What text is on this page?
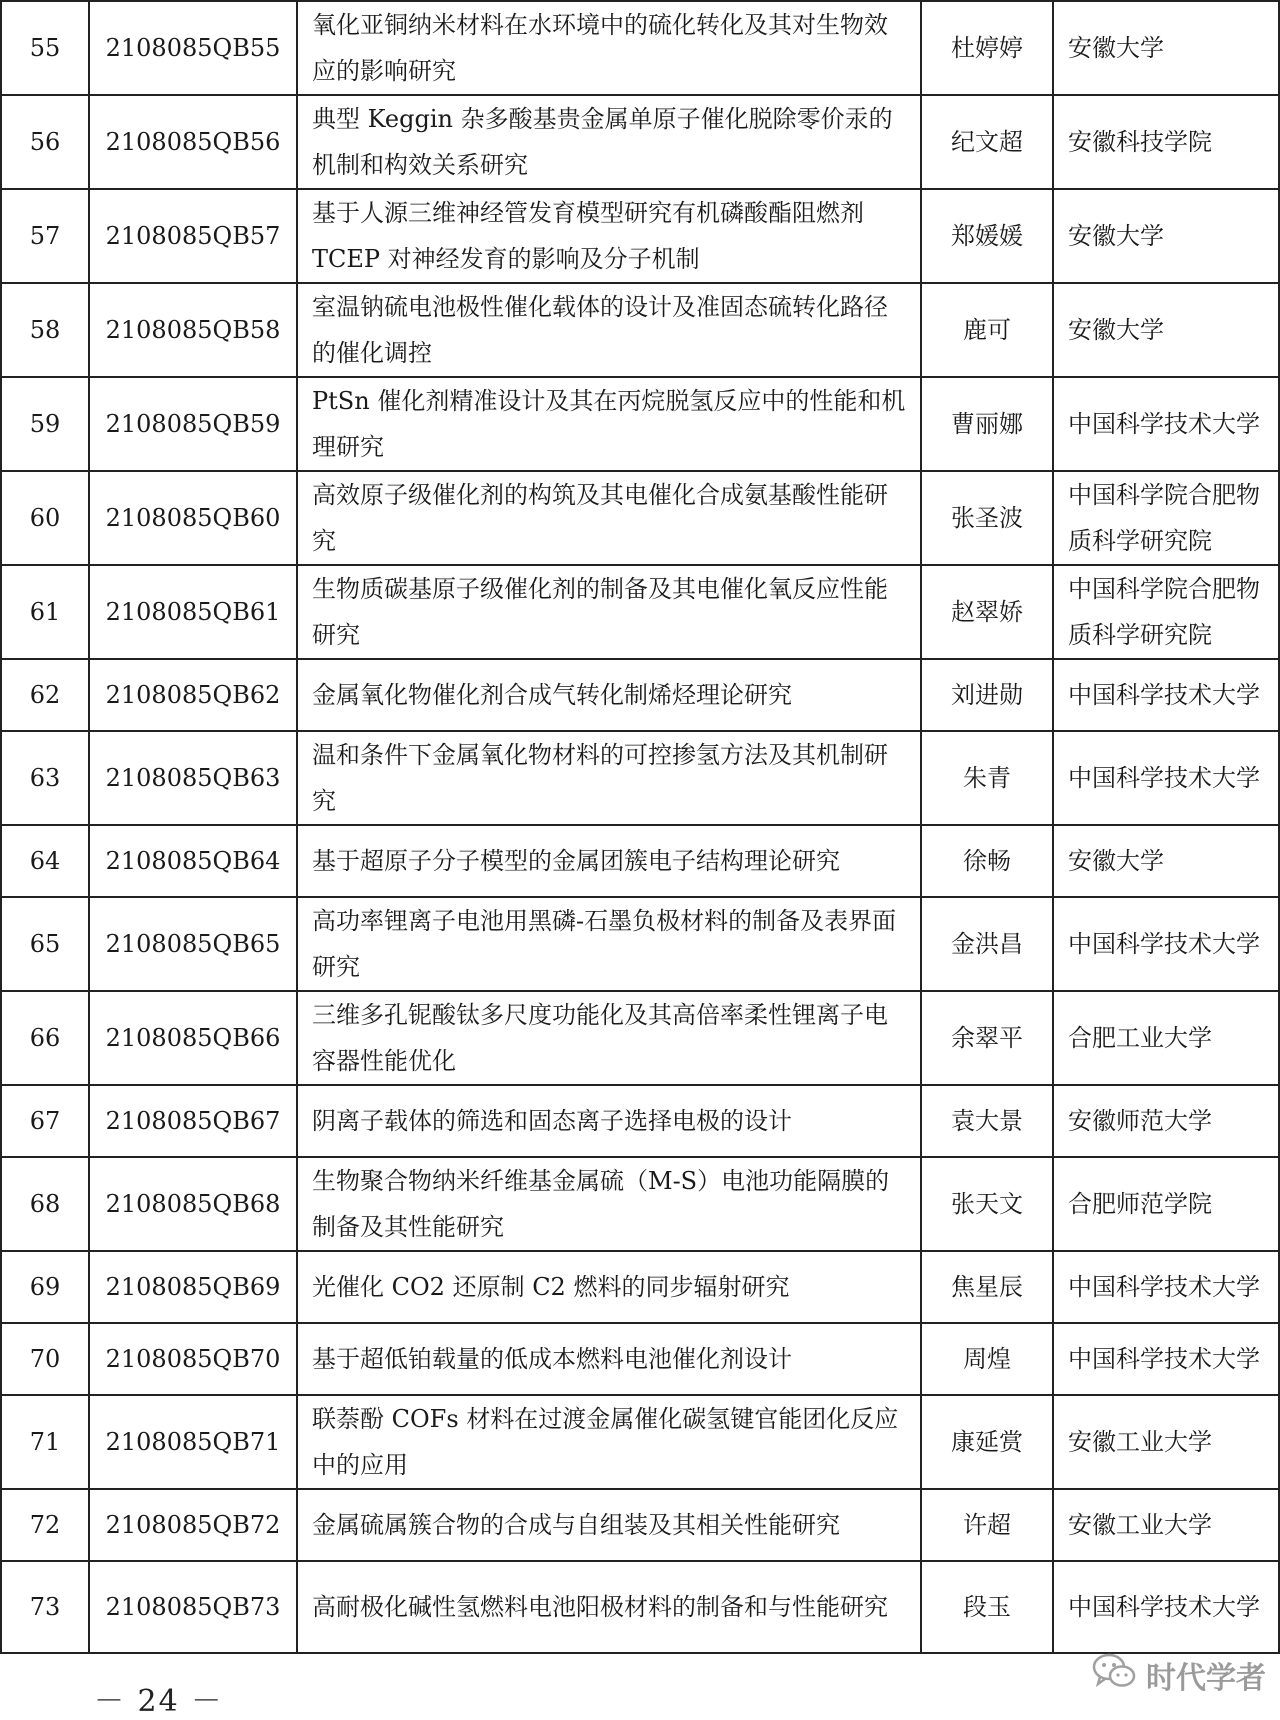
55	2108085QB55	氧化亚铜纳米材料在水环境中的硫化转化及其对生物效应的影响研究	杜婷婷	安徽大学
56	2108085QB56	典型 Keggin 杂多酸基贵金属单原子催化脱除零价汞的机制和构效关系研究	纪文超	安徽科技学院
57	2108085QB57	基于人源三维神经管发育模型研究有机磷酸酯阻燃剂 TCEP 对神经发育的影响及分子机制	郑媛媛	安徽大学
58	2108085QB58	室温钠硫电池极性催化载体的设计及准固态硫转化路径的催化调控	鹿可	安徽大学
59	2108085QB59	PtSn 催化剂精准设计及其在丙烷脱氢反应中的性能和机理研究	曹丽娜	中国科学技术大学
60	2108085QB60	高效原子级催化剂的构筑及其电催化合成氨基酸性能研究	张圣波	中国科学院合肥物质科学研究院
61	2108085QB61	生物质碳基原子级催化剂的制备及其电催化氧反应性能研究	赵翠娇	中国科学院合肥物质科学研究院
62	2108085QB62	金属氧化物催化剂合成气转化制烯烃理论研究	刘进勋	中国科学技术大学
63	2108085QB63	温和条件下金属氧化物材料的可控掺氢方法及其机制研究	朱青	中国科学技术大学
64	2108085QB64	基于超原子分子模型的金属团簇电子结构理论研究	徐畅	安徽大学
65	2108085QB65	高功率锂离子电池用黑磷-石墨负极材料的制备及表界面研究	金洪昌	中国科学技术大学
66	2108085QB66	三维多孔铌酸钛多尺度功能化及其高倍率柔性锂离子电容器性能优化	余翠平	合肥工业大学
67	2108085QB67	阴离子载体的筛选和固态离子选择电极的设计	袁大景	安徽师范大学
68	2108085QB68	生物聚合物纳米纤维基金属硫（M-S）电池功能隔膜的制备及其性能研究	张天文	合肥师范学院
69	2108085QB69	光催化 CO2 还原制 C2 燃料的同步辐射研究	焦星辰	中国科学技术大学
70	2108085QB70	基于超低铂载量的低成本燃料电池催化剂设计	周煌	中国科学技术大学
71	2108085QB71	联萘酚 COFs 材料在过渡金属催化碳氢键官能团化反应中的应用	康延赏	安徽工业大学
72	2108085QB72	金属硫属簇合物的合成与自组装及其相关性能研究	许超	安徽工业大学
73	2108085QB73	高耐极化碱性氢燃料电池阳极材料的制备和与性能研究	段玉	中国科学技术大学
－ 24 －
时代学者
